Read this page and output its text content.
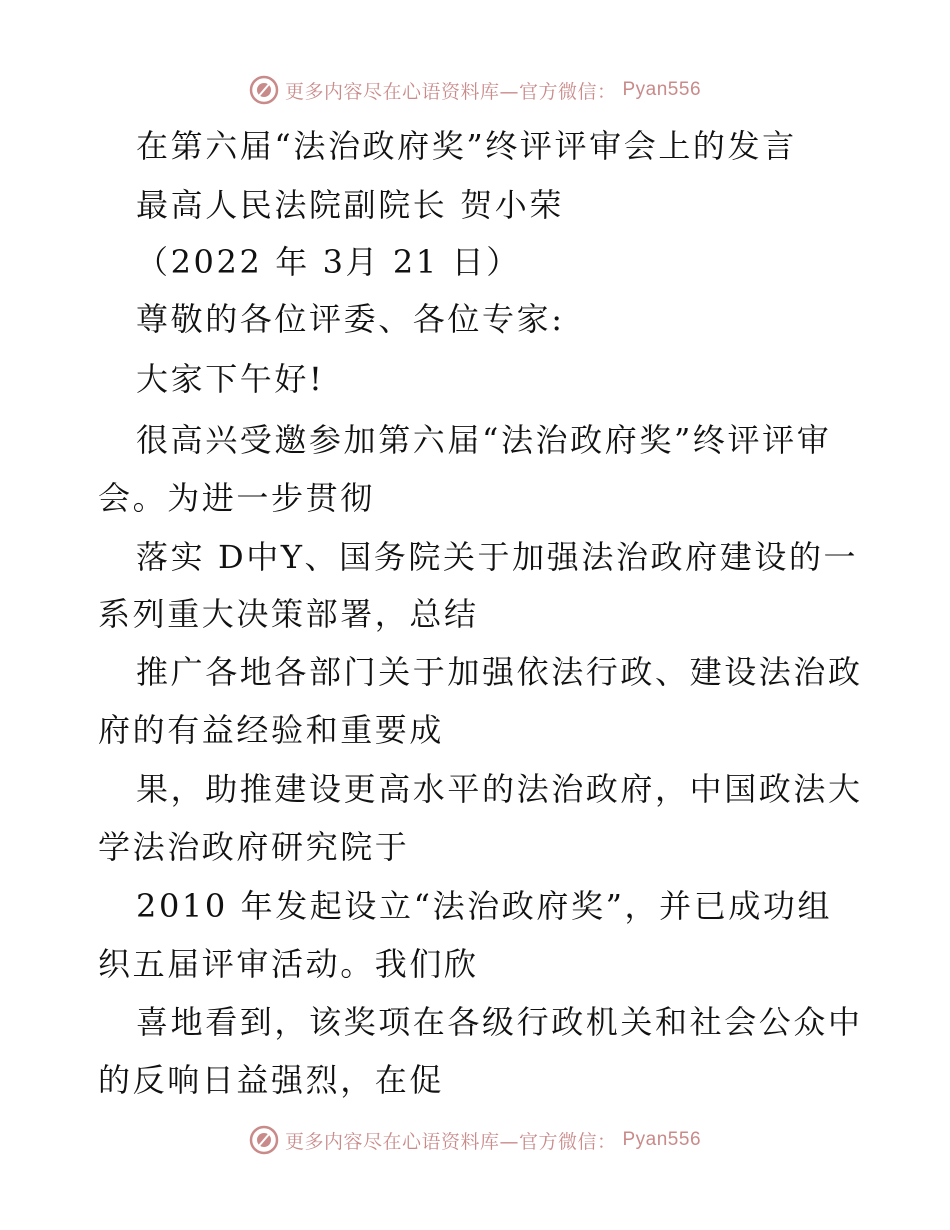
更多内容尽在心语资料库—官方微信： Pyan556
在第六届“法治政府奖”终评评审会上的发言
最高人民法院副院长 贺小荣
（2022 年 3月 21 日）
尊敬的各位评委、各位专家:
大家下午好!
很高兴受邀参加第六届“法治政府奖”终评评审
会。为进一步贯彻
落实 D中Y、国务院关于加强法治政府建设的一
系列重大决策部署，总结
推广各地各部门关于加强依法行政、建设法治政
府的有益经验和重要成
果，助推建设更高水平的法治政府，中国政法大
学法治政府研究院于
2010 年发起设立“法治政府奖”，并已成功组
织五届评审活动。我们欣
喜地看到，该奖项在各级行政机关和社会公众中
的反响日益强烈，在促
更多内容尽在心语资料库—官方微信： Pyan556
